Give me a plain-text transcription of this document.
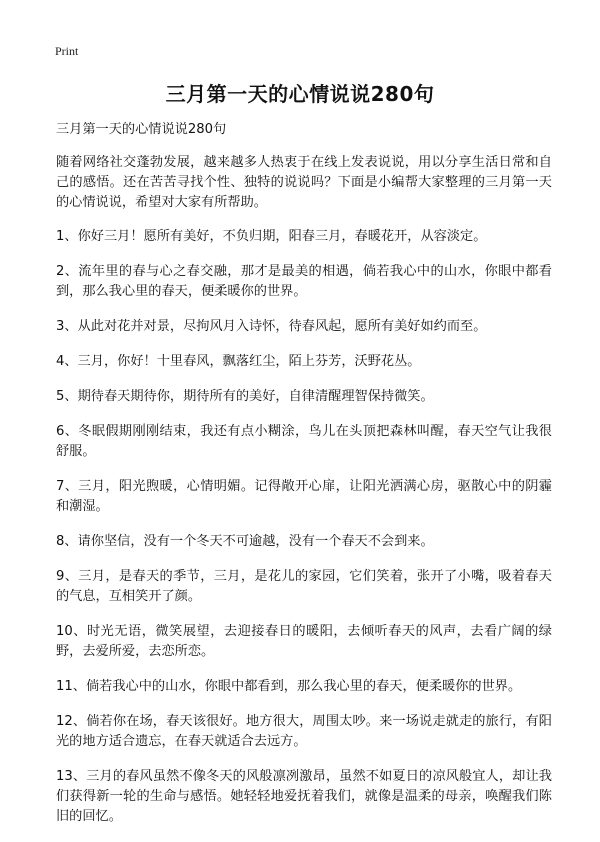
Print
三月第一天的心情说说280句

三月第一天的心情说说280句

随着网络社交蓬勃发展，越来越多人热衷于在线上发表说说，用以分享生活日常和自己的感悟。还在苦苦寻找个性、独特的说说吗？下面是小编帮大家整理的三月第一天的心情说说，希望对大家有所帮助。

1、你好三月！愿所有美好，不负归期，阳春三月，春暖花开，从容淡定。

2、流年里的春与心之春交融，那才是最美的相遇，倘若我心中的山水，你眼中都看到，那么我心里的春天，便柔暖你的世界。

3、从此对花并对景，尽拘风月入诗怀，待春风起，愿所有美好如约而至。

4、三月，你好！十里春风，飘落红尘，陌上芬芳，沃野花丛。

5、期待春天期待你，期待所有的美好，自律清醒理智保持微笑。

6、冬眠假期刚刚结束，我还有点小糊涂，鸟儿在头顶把森林叫醒，春天空气让我很舒服。

7、三月，阳光煦暖，心情明媚。记得敞开心扉，让阳光洒满心房，驱散心中的阴霾和潮湿。

8、请你坚信，没有一个冬天不可逾越，没有一个春天不会到来。

9、三月，是春天的季节，三月，是花儿的家园，它们笑着，张开了小嘴，吸着春天的气息，互相笑开了颜。

10、时光无语，微笑展望，去迎接春日的暖阳，去倾听春天的风声，去看广阔的绿野，去爱所爱，去恋所恋。

11、倘若我心中的山水，你眼中都看到，那么我心里的春天，便柔暖你的世界。

12、倘若你在场，春天该很好。地方很大，周围太吵。来一场说走就走的旅行，有阳光的地方适合遗忘，在春天就适合去远方。

13、三月的春风虽然不像冬天的风般凛冽激昂，虽然不如夏日的凉风般宜人，却让我们获得新一轮的生命与感悟。她轻轻地爱抚着我们，就像是温柔的母亲，唤醒我们陈旧的回忆。
